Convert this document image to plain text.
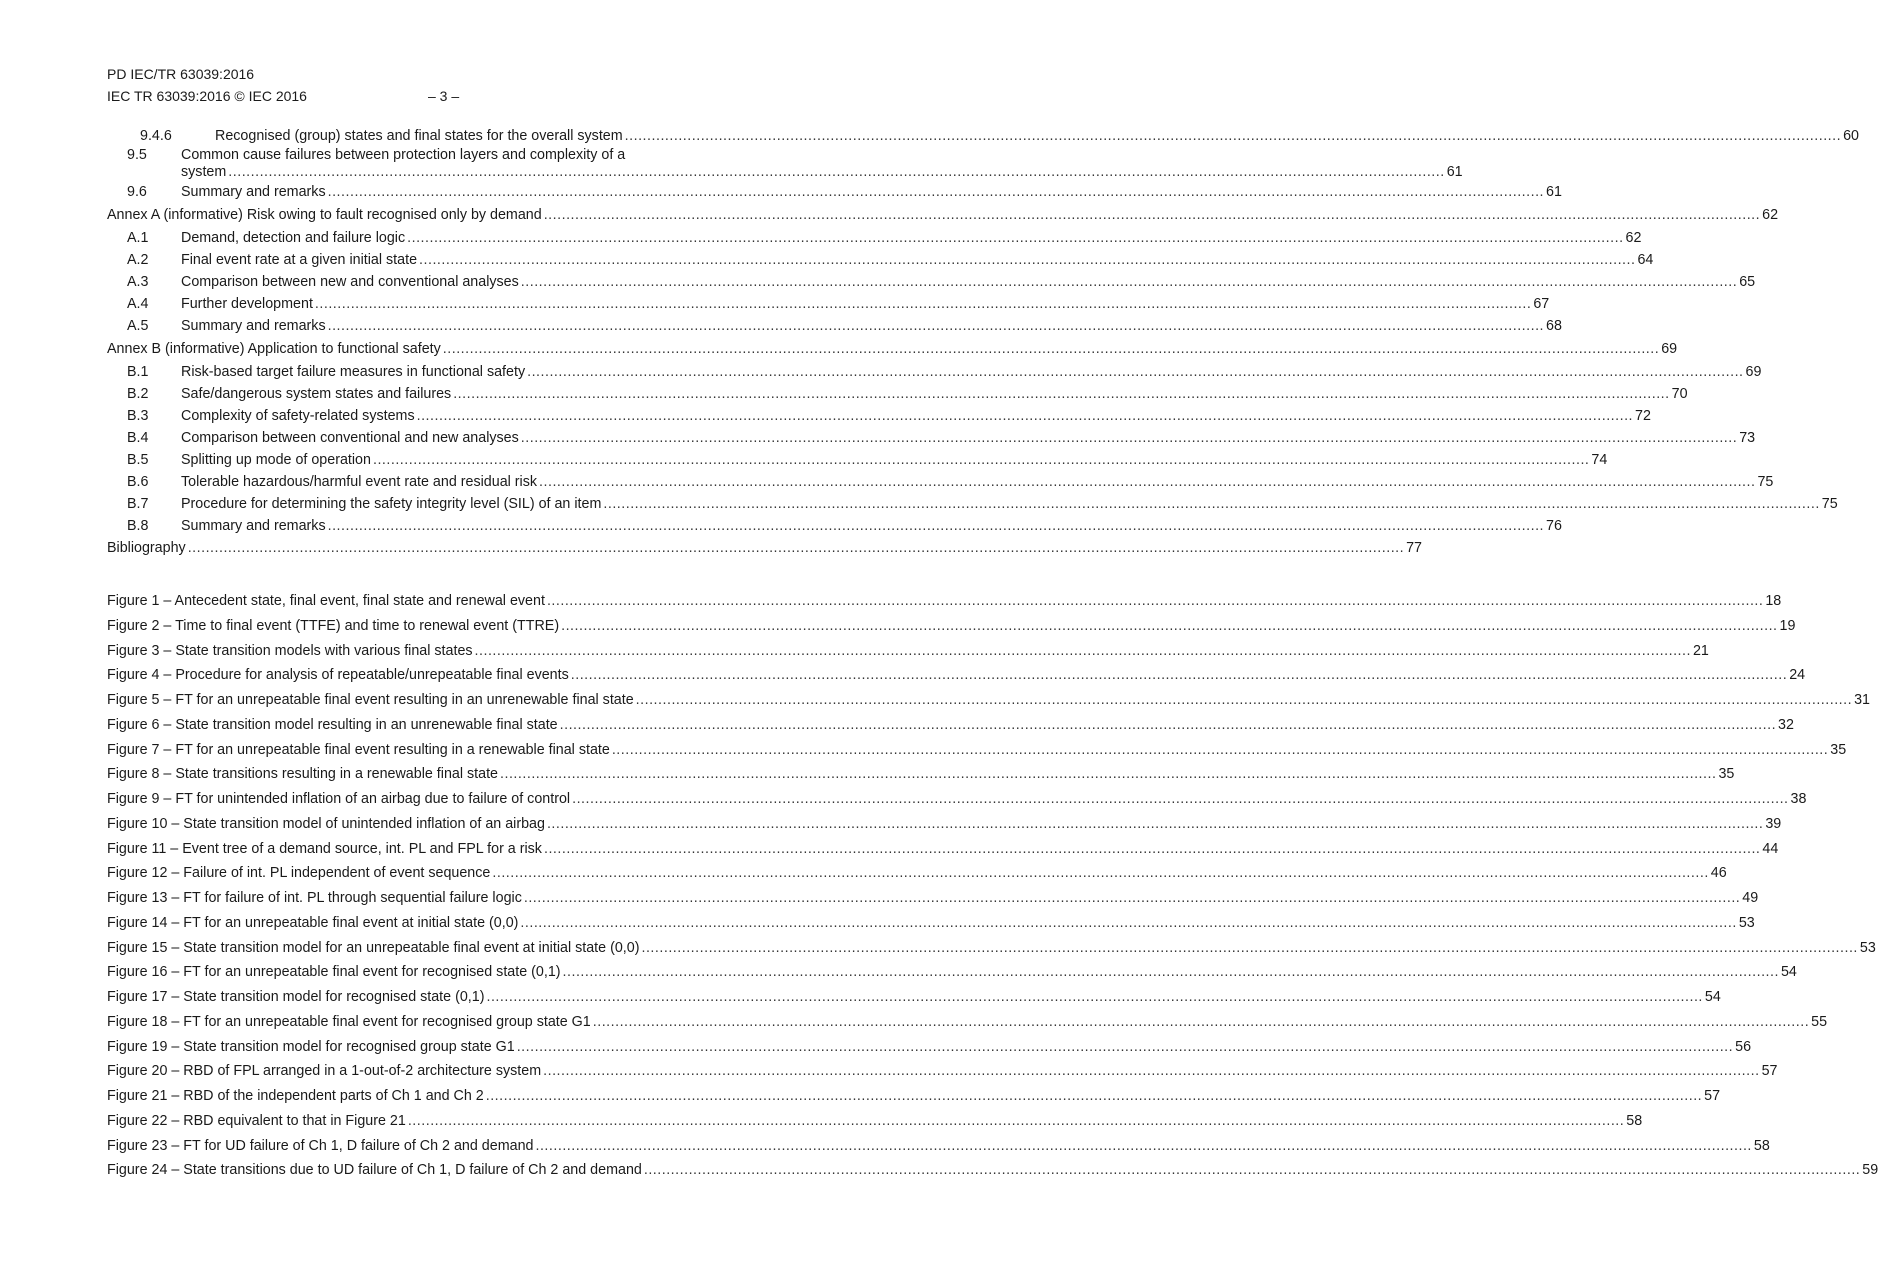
PD IEC/TR 63039:2016
IEC TR 63039:2016 © IEC 2016	– 3 –
9.4.6	Recognised (group) states and final states for the overall system .....	60
9.5	Common cause failures between protection layers and complexity of a
system .....	61
9.6	Summary and remarks .....	61
Annex A (informative) Risk owing to fault recognised only by demand .....	62
A.1	Demand, detection and failure logic .....	62
A.2	Final event rate at a given initial state .....	64
A.3	Comparison between new and conventional analyses .....	65
A.4	Further development .....	67
A.5	Summary and remarks .....	68
Annex B (informative) Application to functional safety .....	69
B.1	Risk-based target failure measures in functional safety .....	69
B.2	Safe/dangerous system states and failures .....	70
B.3	Complexity of safety-related systems .....	72
B.4	Comparison between conventional and new analyses .....	73
B.5	Splitting up mode of operation .....	74
B.6	Tolerable hazardous/harmful event rate and residual risk .....	75
B.7	Procedure for determining the safety integrity level (SIL) of an item .....	75
B.8	Summary and remarks .....	76
Bibliography .....	77
Figure 1 – Antecedent state, final event, final state and renewal event .....	18
Figure 2 – Time to final event (TTFE) and time to renewal event (TTRE) .....	19
Figure 3 – State transition models with various final states .....	21
Figure 4 – Procedure for analysis of repeatable/unrepeatable final events .....	24
Figure 5 – FT for an unrepeatable final event resulting in an unrenewable final state .....	31
Figure 6 – State transition model resulting in an unrenewable final state .....	32
Figure 7 – FT for an unrepeatable final event resulting in a renewable final state .....	35
Figure 8 – State transitions resulting in a renewable final state .....	35
Figure 9 – FT for unintended inflation of an airbag due to failure of control .....	38
Figure 10 – State transition model of unintended inflation of an airbag .....	39
Figure 11 – Event tree of a demand source, int. PL and FPL for a risk .....	44
Figure 12 – Failure of int. PL independent of event sequence .....	46
Figure 13 – FT for failure of int. PL through sequential failure logic .....	49
Figure 14 – FT for an unrepeatable final event at initial state (0,0) .....	53
Figure 15 – State transition model for an unrepeatable final event at initial state (0,0) .....	53
Figure 16 – FT for an unrepeatable final event for recognised state (0,1) .....	54
Figure 17 – State transition model for recognised state (0,1) .....	54
Figure 18 – FT for an unrepeatable final event for recognised group state G1 .....	55
Figure 19 – State transition model for recognised group state G1 .....	56
Figure 20 – RBD of FPL arranged in a 1-out-of-2 architecture system .....	57
Figure 21 – RBD of the independent parts of Ch 1 and Ch 2 .....	57
Figure 22 – RBD equivalent to that in Figure 21 .....	58
Figure 23 – FT for UD failure of Ch 1, D failure of Ch 2 and demand .....	58
Figure 24 – State transitions due to UD failure of Ch 1, D failure of Ch 2 and demand .....	59
